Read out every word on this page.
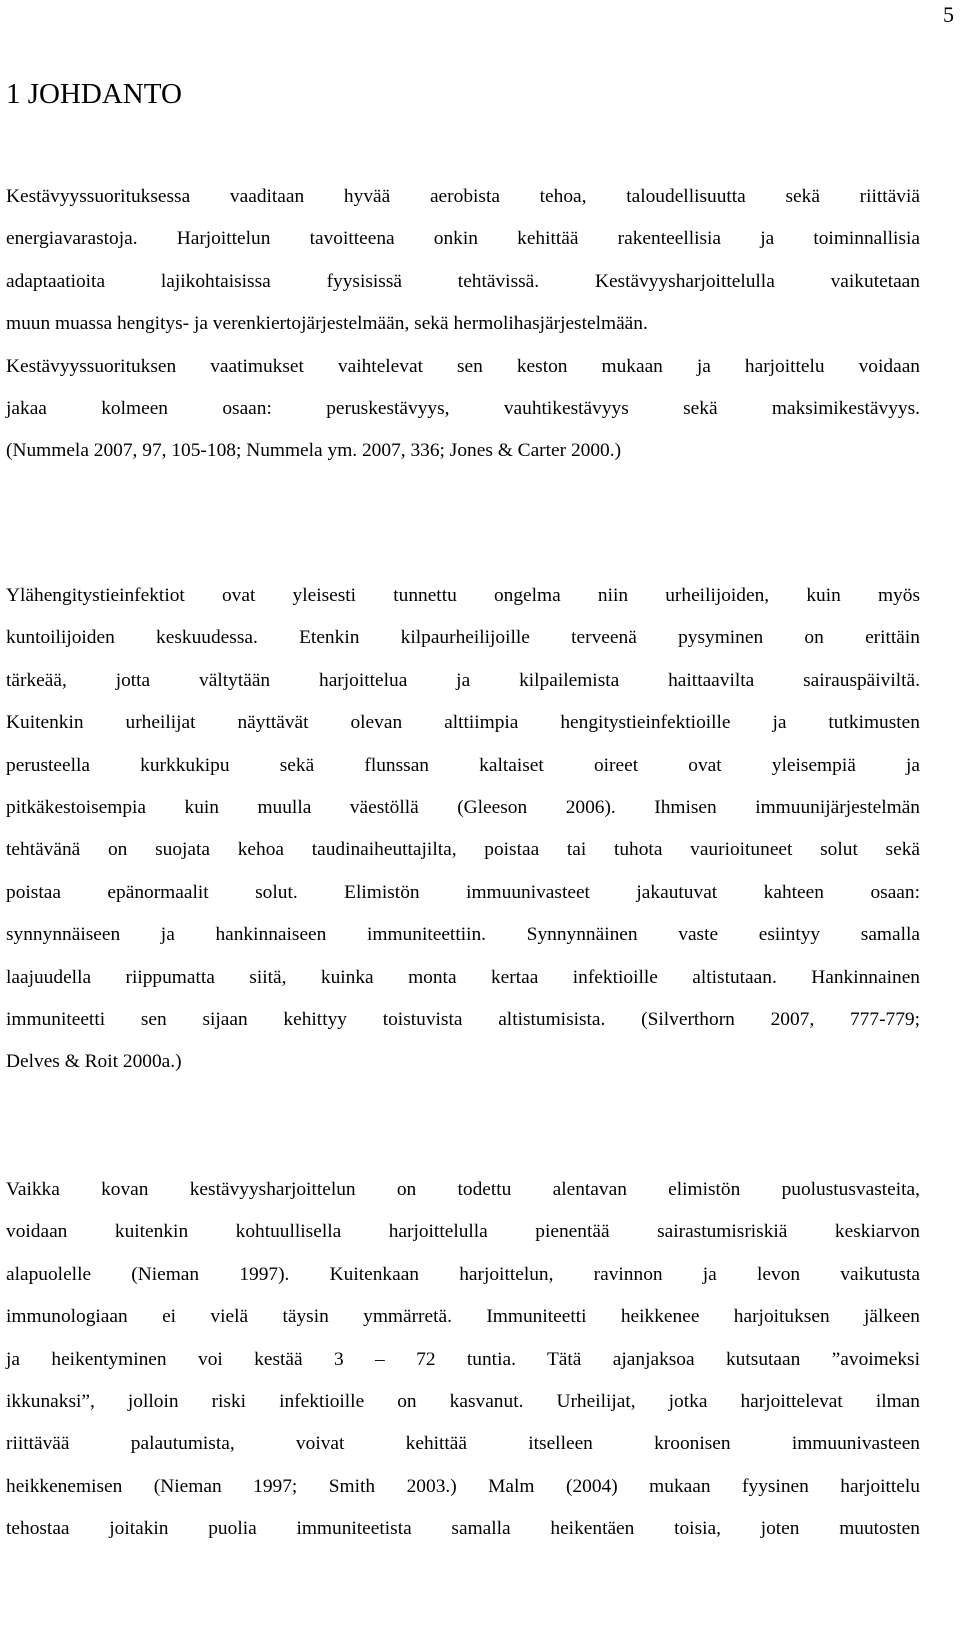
5
1 JOHDANTO
Kestävyyssuorituksessa vaaditaan hyvää aerobista tehoa, taloudellisuutta sekä riittäviä
energiavarastoja. Harjoittelun tavoitteena onkin kehittää rakenteellisia ja toiminnallisia
adaptaatioita lajikohtaisissa fyysisissä tehtävissä. Kestävyysharjoittelulla vaikutetaan
muun muassa hengitys- ja verenkiertojärjestelmään, sekä hermolihasjärjestelmään.
Kestävyyssuorituksen vaatimukset vaihtelevat sen keston mukaan ja harjoittelu voidaan
jakaa kolmeen osaan: peruskestävyys, vauhtikestävyys sekä maksimikestävyys.
(Nummela 2007, 97, 105-108; Nummela ym. 2007, 336; Jones & Carter 2000.)
Ylähengitystieinfektiot ovat yleisesti tunnettu ongelma niin urheilijoiden, kuin myös
kuntoilijoiden keskuudessa. Etenkin kilpaurheilijoille terveenä pysyminen on erittäin
tärkeää, jotta vältytään harjoittelua ja kilpailemista haittaavilta sairauspäiviltä.
Kuitenkin urheilijat näyttävät olevan alttiimpia hengitystieinfektioille ja tutkimusten
perusteella kurkkukipu sekä flunssan kaltaiset oireet ovat yleisempiä ja
pitkäkestoisempia kuin muulla väestöllä (Gleeson 2006). Ihmisen immuunijärjestelmän
tehtävänä on suojata kehoa taudinaiheuttajilta, poistaa tai tuhota vaurioituneet solut sekä
poistaa epänormaalit solut. Elimistön immuunivasteet jakautuvat kahteen osaan:
synnynnäiseen ja hankinnaiseen immuniteettiin. Synnynnäinen vaste esiintyy samalla
laajuudella riippumatta siitä, kuinka monta kertaa infektioille altistutaan. Hankinnainen
immuniteetti sen sijaan kehittyy toistuvista altistumisista. (Silverthorn 2007, 777-779;
Delves & Roit 2000a.)
Vaikka kovan kestävyysharjoittelun on todettu alentavan elimistön puolustusvasteita,
voidaan kuitenkin kohtuullisella harjoittelulla pienentää sairastumisriskiä keskiarvon
alapuolelle (Nieman 1997). Kuitenkaan harjoittelun, ravinnon ja levon vaikutusta
immunologiaan ei vielä täysin ymmärretä. Immuniteetti heikkenee harjoituksen jälkeen
ja heikentyminen voi kestää 3 – 72 tuntia. Tätä ajanjaksoa kutsutaan ”avoimeksi
ikkunaksi”, jolloin riski infektioille on kasvanut. Urheilijat, jotka harjoittelevat ilman
riittävää palautumista, voivat kehittää itselleen kroonisen immuunivasteen
heikkenemisen (Nieman 1997; Smith 2003.) Malm (2004) mukaan fyysinen harjoittelu
tehostaa joitakin puolia immuniteetista samalla heikentäen toisia, joten muutosten
